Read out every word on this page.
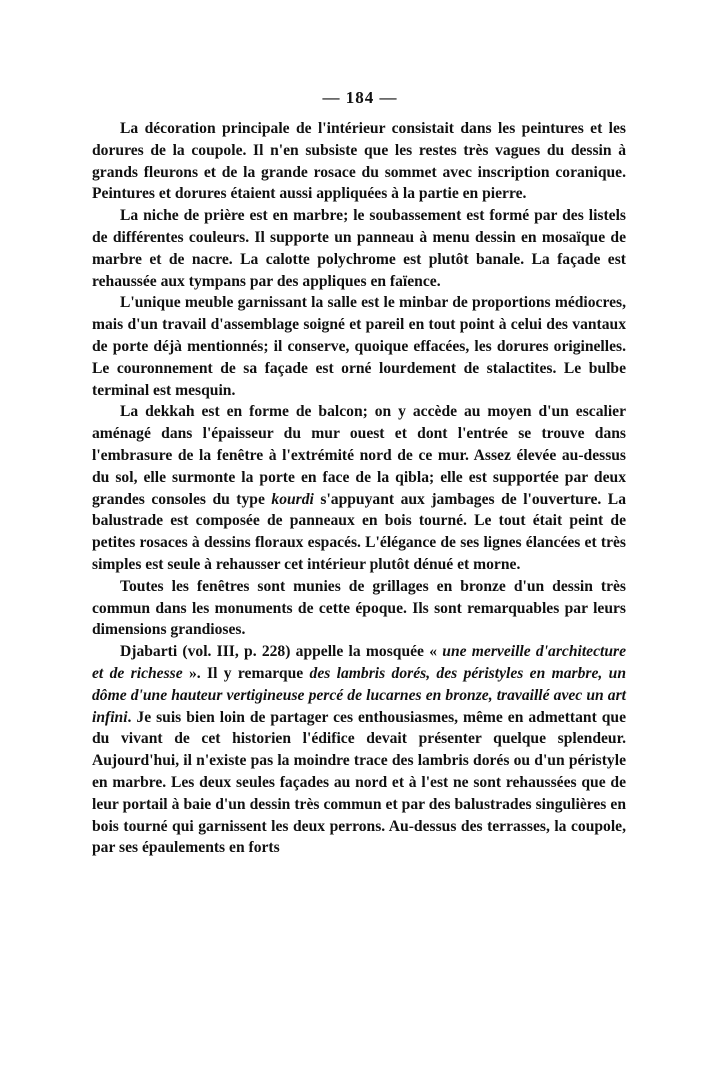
— 184 —

La décoration principale de l'intérieur consistait dans les peintures et les dorures de la coupole. Il n'en subsiste que les restes très vagues du dessin à grands fleurons et de la grande rosace du sommet avec inscription coranique. Peintures et dorures étaient aussi appliquées à la partie en pierre.

La niche de prière est en marbre; le soubassement est formé par des listels de différentes couleurs. Il supporte un panneau à menu dessin en mosaïque de marbre et de nacre. La calotte polychrome est plutôt banale. La façade est rehaussée aux tympans par des appliques en faïence.

L'unique meuble garnissant la salle est le minbar de proportions médiocres, mais d'un travail d'assemblage soigné et pareil en tout point à celui des vantaux de porte déjà mentionnés; il conserve, quoique effacées, les dorures originelles. Le couronnement de sa façade est orné lourdement de stalactites. Le bulbe terminal est mesquin.

La dekkah est en forme de balcon; on y accède au moyen d'un escalier aménagé dans l'épaisseur du mur ouest et dont l'entrée se trouve dans l'embrasure de la fenêtre à l'extrémité nord de ce mur. Assez élevée au-dessus du sol, elle surmonte la porte en face de la qibla; elle est supportée par deux grandes consoles du type kourdi s'appuyant aux jambages de l'ouverture. La balustrade est composée de panneaux en bois tourné. Le tout était peint de petites rosaces à dessins floraux espacés. L'élégance de ses lignes élancées et très simples est seule à rehausser cet intérieur plutôt dénué et morne.

Toutes les fenêtres sont munies de grillages en bronze d'un dessin très commun dans les monuments de cette époque. Ils sont remarquables par leurs dimensions grandioses.

Djabarti (vol. III, p. 228) appelle la mosquée « une merveille d'architecture et de richesse ». Il y remarque des lambris dorés, des péristyles en marbre, un dôme d'une hauteur vertigineuse percé de lucarnes en bronze, travaillé avec un art infini. Je suis bien loin de partager ces enthousiasmes, même en admettant que du vivant de cet historien l'édifice devait présenter quelque splendeur. Aujourd'hui, il n'existe pas la moindre trace des lambris dorés ou d'un péristyle en marbre. Les deux seules façades au nord et à l'est ne sont rehaussées que de leur portail à baie d'un dessin très commun et par des balustrades singulières en bois tourné qui garnissent les deux perrons. Au-dessus des terrasses, la coupole, par ses épaulements en forts
